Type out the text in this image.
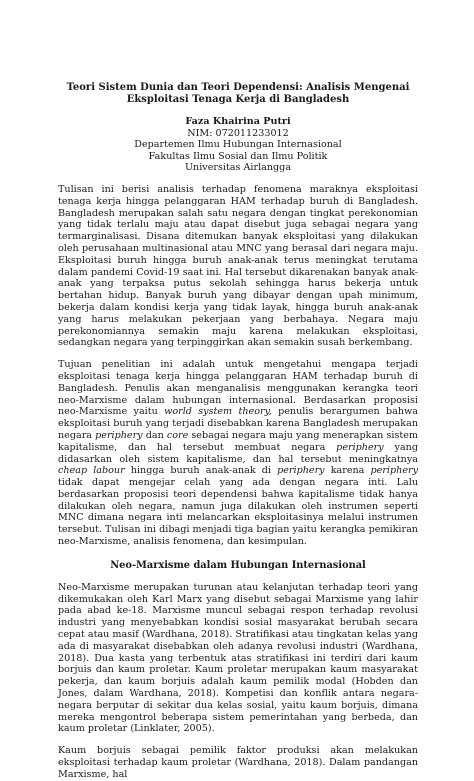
Teori Sistem Dunia dan Teori Dependensi: Analisis Mengenai
Eksploitasi Tenaga Kerja di Bangladesh
Faza Khairina Putri
NIM: 072011233012
Departemen Ilmu Hubungan Internasional
Fakultas Ilmu Sosial dan Ilmu Politik
Universitas Airlangga

Tulisan ini berisi analisis terhadap fenomena maraknya eksploitasi tenaga kerja hingga pelanggaran HAM terhadap buruh di Bangladesh. Bangladesh merupakan salah satu negara dengan tingkat perekonomian yang tidak terlalu maju atau dapat disebut juga sebagai negara yang termarginalisasi. Disana ditemukan banyak eksploitasi yang dilakukan oleh perusahaan multinasional atau MNC yang berasal dari negara maju. Eksploitasi buruh hingga buruh anak-anak terus meningkat terutama dalam pandemi Covid-19 saat ini. Hal tersebut dikarenakan banyak anak-anak yang terpaksa putus sekolah sehingga harus bekerja untuk bertahan hidup. Banyak buruh yang dibayar dengan upah minimum, bekerja dalam kondisi kerja yang tidak layak, hingga buruh anak-anak yang harus melakukan pekerjaan yang berbahaya. Negara maju perekonomiannya semakin maju karena melakukan eksploitasi, sedangkan negara yang terpinggirkan akan semakin susah berkembang.

Tujuan penelitian ini adalah untuk mengetahui mengapa terjadi eksploitasi tenaga kerja hingga pelanggaran HAM terhadap buruh di Bangladesh. Penulis akan menganalisis menggunakan kerangka teori neo-Marxisme dalam hubungan internasional. Berdasarkan proposisi neo-Marxisme yaitu world system theory, penulis berargumen bahwa eksploitasi buruh yang terjadi disebabkan karena Bangladesh merupakan negara periphery dan core sebagai negara maju yang menerapkan sistem kapitalisme, dan hal tersebut membuat negara periphery yang didasarkan oleh sistem kapitalisme, dan hal tersebut meningkatnya cheap labour hingga buruh anak-anak di periphery karena periphery tidak dapat mengejar celah yang ada dengan negara inti. Lalu berdasarkan proposisi teori dependensi bahwa kapitalisme tidak hanya dilakukan oleh negara, namun juga dilakukan oleh instrumen seperti MNC dimana negara inti melancarkan eksploitasinya melalui instrumen tersebut. Tulisan ini dibagi menjadi tiga bagian yaitu kerangka pemikiran neo-Marxisme, analisis fenomena, dan kesimpulan.

Neo-Marxisme dalam Hubungan Internasional

Neo-Marxisme merupakan turunan atau kelanjutan terhadap teori yang dikemukakan oleh Karl Marx yang disebut sebagai Marxisme yang lahir pada abad ke-18. Marxisme muncul sebagai respon terhadap revolusi industri yang menyebabkan kondisi sosial masyarakat berubah secara cepat atau masif (Wardhana, 2018). Stratifikasi atau tingkatan kelas yang ada di masyarakat disebabkan oleh adanya revolusi industri (Wardhana, 2018). Dua kasta yang terbentuk atas stratifikasi ini terdiri dari kaum borjuis dan kaum proletar. Kaum proletar merupakan kaum masyarakat pekerja, dan kaum borjuis adalah kaum pemilik modal (Hobden dan Jones, dalam Wardhana, 2018). Kompetisi dan konflik antara negara-negara berputar di sekitar dua kelas sosial, yaitu kaum borjuis, dimana mereka mengontrol beberapa sistem pemerintahan yang berbeda, dan kaum proletar (Linklater, 2005).

Kaum borjuis sebagai pemilik faktor produksi akan melakukan eksploitasi terhadap kaum proletar (Wardhana, 2018). Dalam pandangan Marxisme, hal
